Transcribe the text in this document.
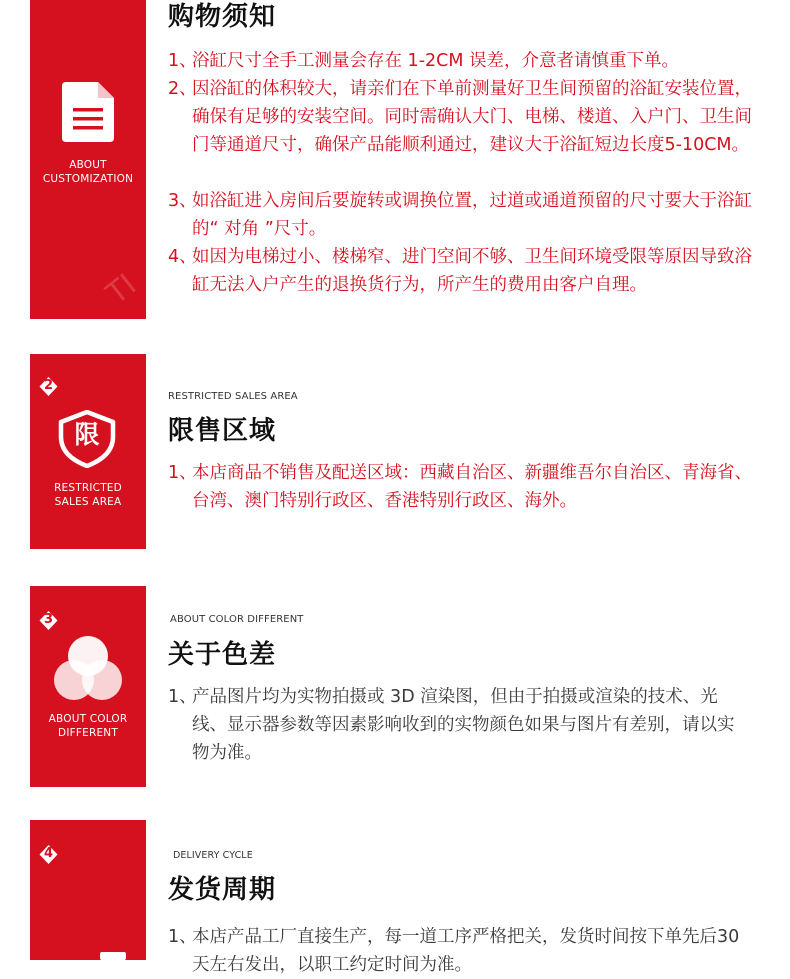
ABOUT
CUSTOMIZATION
TI
购物须知
1、
浴缸尺寸全手工测量会存在 1-2CM 误差，介意者请慎重下单。
2、
因浴缸的体积较大，请亲们在下单前测量好卫生间预留的浴缸安装位置，确保有足够的安装空间。同时需确认大门、电梯、楼道、入户门、卫生间门等通道尺寸，确保产品能顺利通过，建议大于浴缸短边长度5-10CM。
3、
如浴缸进入房间后要旋转或调换位置，过道或通道预留的尺寸要大于浴缸的“ 对角 ”尺寸。
4、
如因为电梯过小、楼梯窄、进门空间不够、卫生间环境受限等原因导致浴缸无法入户产生的退换货行为，所产生的费用由客户自理。
2
限
RESTRICTED
SALES AREA
RESTRICTED SALES AREA
限售区域
1、
本店商品不销售及配送区域：西藏自治区、新疆维吾尔自治区、青海省、台湾、澳门特别行政区、香港特别行政区、海外。
3
ABOUT COLOR
DIFFERENT
ABOUT COLOR DIFFERENT
关于色差
1、
产品图片均为实物拍摄或 3D 渲染图，但由于拍摄或渲染的技术、光线、显示器参数等因素影响收到的实物颜色如果与图片有差别，请以实物为准。
4	DELIVERY CYCLE
发货周期
1、
本店产品工厂直接生产，每一道工序严格把关，发货时间按下单先后30 天左右发出，以职工约定时间为准。
